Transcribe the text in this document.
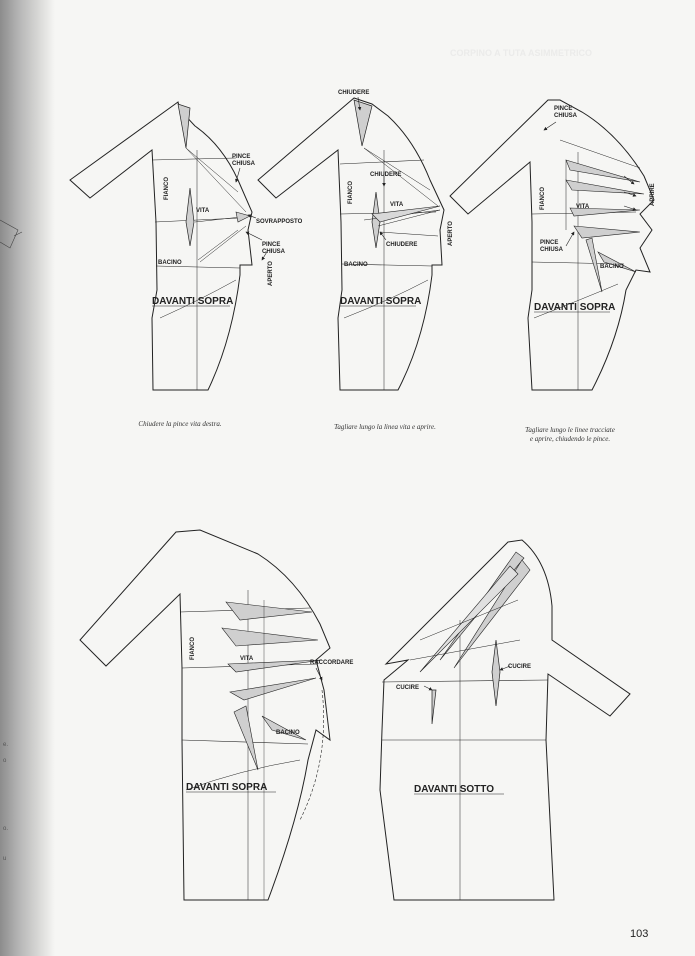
CORPINO A TUTA ASIMMETRICO
e.
o
o.
u
PINCE
CHIUSA
VITA
SOVRAPPOSTO
PINCE
CHIUSA
BACINO
FIANCO
APERTO
DAVANTI SOPRA
CHIUDERE
CHIUDERE
VITA
CHIUDERE
BACINO
FIANCO
APERTO
DAVANTI SOPRA
PINCE
CHIUSA
VITA
PINCE
CHIUSA
BACINO
FIANCO	APRIRE
DAVANTI SOPRA
VITA
RACCORDARE
BACINO
FIANCO
DAVANTI SOPRA
CUCIRE
CUCIRE
DAVANTI SOTTO
Chiudere la pince vita destra.	Tagliare lungo la linea vita e aprire.	Tagliare lungo le linee tracciate
e aprire, chiudendo le pince.
103
